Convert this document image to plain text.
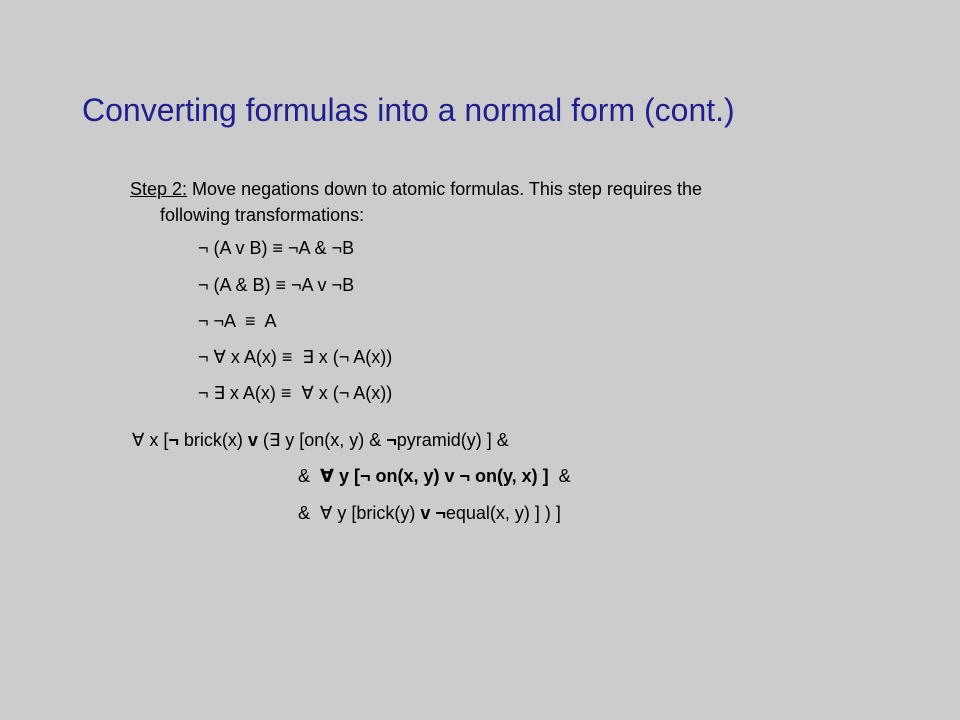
Converting formulas into a normal form (cont.)
Step 2: Move negations down to atomic formulas. This step requires the
following transformations:
¬ (A v B) ≡ ¬A & ¬B
¬ (A & B) ≡ ¬A v ¬B
¬ ¬A  ≡  A
¬ ∀ x A(x) ≡  ∃ x (¬ A(x))
¬ ∃ x A(x) ≡  ∀ x (¬ A(x))
∀ x [¬ brick(x) v (∃ y [on(x, y) & ¬pyramid(y) ] &
&  ∀ y [¬ on(x, y) v ¬ on(y, x) ]  &
&  ∀ y [brick(y) v ¬equal(x, y) ] ) ]
